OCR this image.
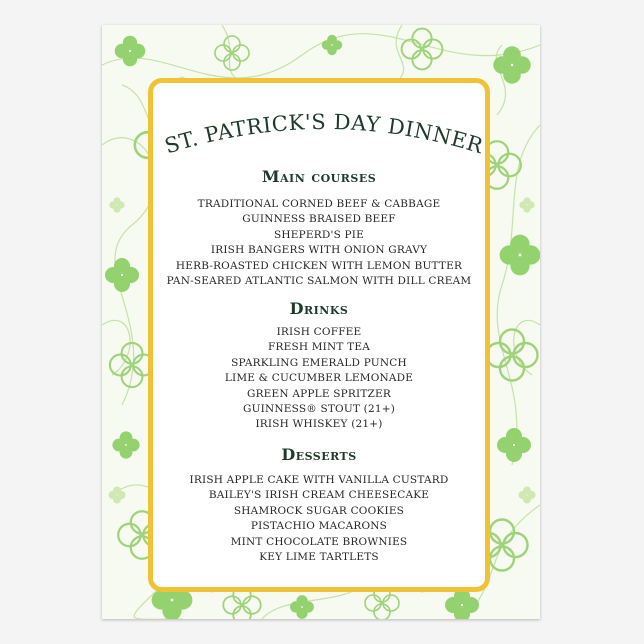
ST. PATRICK'S DAY DINNER
Main courses
TRADITIONAL CORNED BEEF & CABBAGE
GUINNESS BRAISED BEEF
SHEPERD'S PIE
IRISH BANGERS WITH ONION GRAVY
HERB-ROASTED CHICKEN WITH LEMON BUTTER
PAN-SEARED ATLANTIC SALMON WITH DILL CREAM
Drinks
IRISH COFFEE
FRESH MINT TEA
SPARKLING EMERALD PUNCH
LIME & CUCUMBER LEMONADE
GREEN APPLE SPRITZER
GUINNESS® STOUT (21+)
IRISH WHISKEY (21+)
Desserts
IRISH APPLE CAKE WITH VANILLA CUSTARD
BAILEY'S IRISH CREAM CHEESECAKE
SHAMROCK SUGAR COOKIES
PISTACHIO MACARONS
MINT CHOCOLATE BROWNIES
KEY LIME TARTLETS
